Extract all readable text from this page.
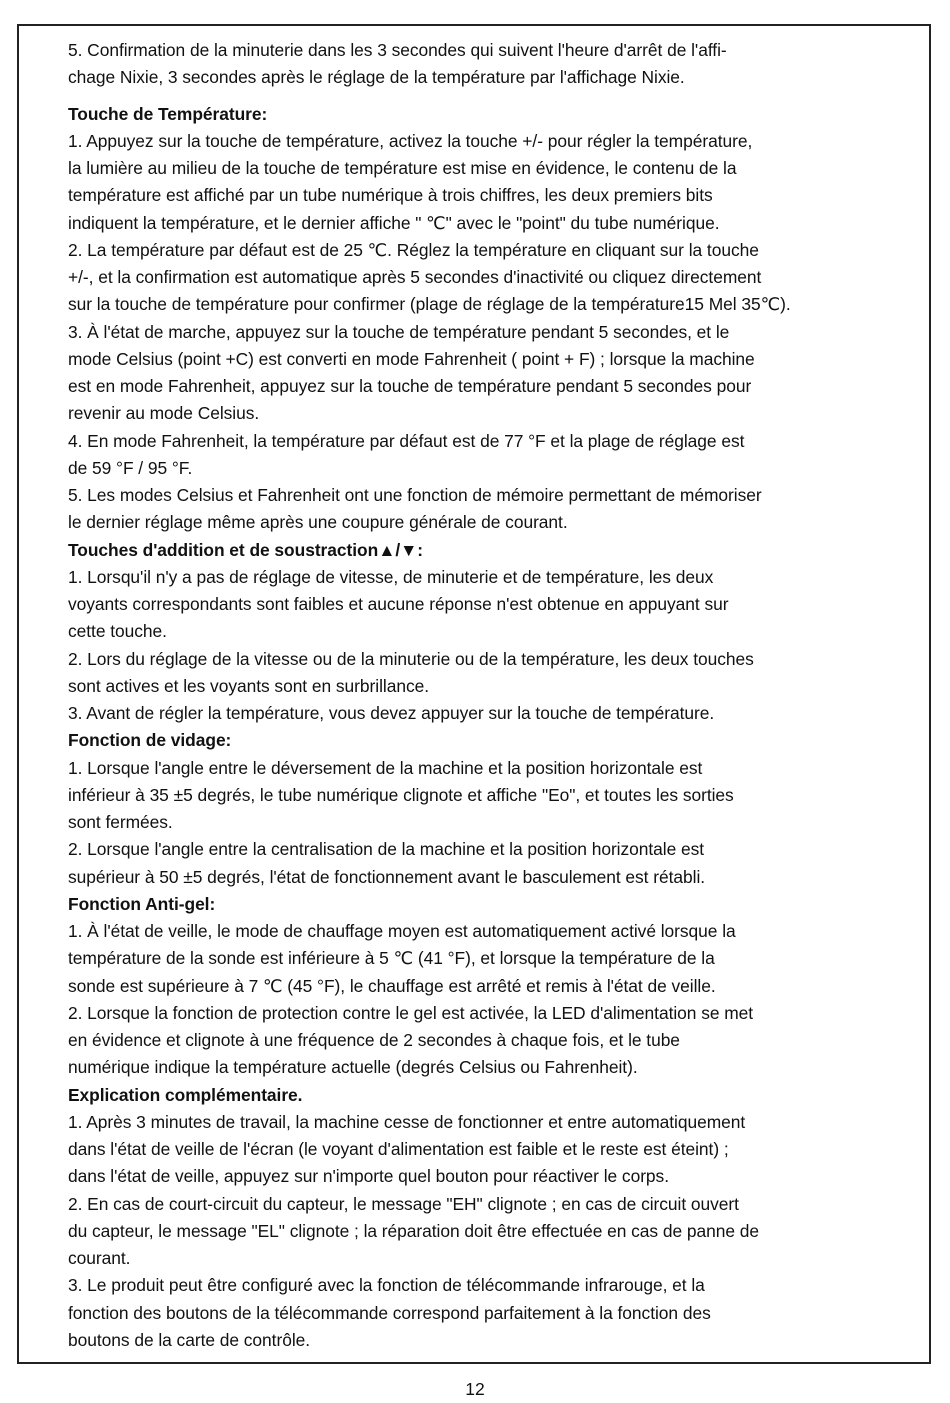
5. Confirmation de la minuterie dans les 3 secondes qui suivent l'heure d'arrêt de l'affi-
chage Nixie, 3 secondes après le réglage de la température par l'affichage Nixie.
Touche de Température:
1. Appuyez sur la touche de température, activez la touche +/- pour régler la température,
la lumière au milieu de la touche de température est mise en évidence, le contenu de la
température est affiché par un tube numérique à trois chiffres, les deux premiers bits
indiquent la température, et le dernier affiche " ℃" avec le "point" du tube numérique.
2. La température par défaut est de 25 ℃. Réglez la température en cliquant sur la touche
+/-, et la confirmation est automatique après 5 secondes d'inactivité ou cliquez directement
sur la touche de température pour confirmer (plage de réglage de la température15 Mel 35℃).
3. À l'état de marche, appuyez sur la touche de température pendant 5 secondes, et le
mode Celsius (point +C) est converti en mode Fahrenheit ( point + F) ; lorsque la machine
est en mode Fahrenheit, appuyez sur la touche de température pendant 5 secondes pour
revenir au mode Celsius.
4. En mode Fahrenheit, la température par défaut est de 77 °F et la plage de réglage est
de 59 °F / 95 °F.
5. Les modes Celsius et Fahrenheit ont une fonction de mémoire permettant de mémoriser
le dernier réglage même après une coupure générale de courant.
Touches d'addition et de soustraction▲/▼:
1. Lorsqu'il n'y a pas de réglage de vitesse, de minuterie et de température, les deux
voyants correspondants sont faibles et aucune réponse n'est obtenue en appuyant sur
cette touche.
2. Lors du réglage de la vitesse ou de la minuterie ou de la température, les deux touches
sont actives et les voyants sont en surbrillance.
3. Avant de régler la température, vous devez appuyer sur la touche de température.
Fonction de vidage:
1. Lorsque l'angle entre le déversement de la machine et la position horizontale est
inférieur à 35 ±5 degrés, le tube numérique clignote et affiche "Eo", et toutes les sorties
sont fermées.
2. Lorsque l'angle entre la centralisation de la machine et la position horizontale est
supérieur à 50 ±5 degrés, l'état de fonctionnement avant le basculement est rétabli.
Fonction Anti-gel:
1. À l'état de veille, le mode de chauffage moyen est automatiquement activé lorsque la
température de la sonde est inférieure à 5 ℃ (41 °F), et lorsque la température de la
sonde est supérieure à 7 ℃ (45 °F), le chauffage est arrêté et remis à l'état de veille.
2. Lorsque la fonction de protection contre le gel est activée, la LED d'alimentation se met
en évidence et clignote à une fréquence de 2 secondes à chaque fois, et le tube
numérique indique la température actuelle (degrés Celsius ou Fahrenheit).
Explication complémentaire.
1. Après 3 minutes de travail, la machine cesse de fonctionner et entre automatiquement
dans l'état de veille de l'écran (le voyant d'alimentation est faible et le reste est éteint) ;
dans l'état de veille, appuyez sur n'importe quel bouton pour réactiver le corps.
2. En cas de court-circuit du capteur, le message "EH" clignote ; en cas de circuit ouvert
du capteur, le message "EL" clignote ; la réparation doit être effectuée en cas de panne de
courant.
3. Le produit peut être configuré avec la fonction de télécommande infrarouge, et la
fonction des boutons de la télécommande correspond parfaitement à la fonction des
boutons de la carte de contrôle.
12
